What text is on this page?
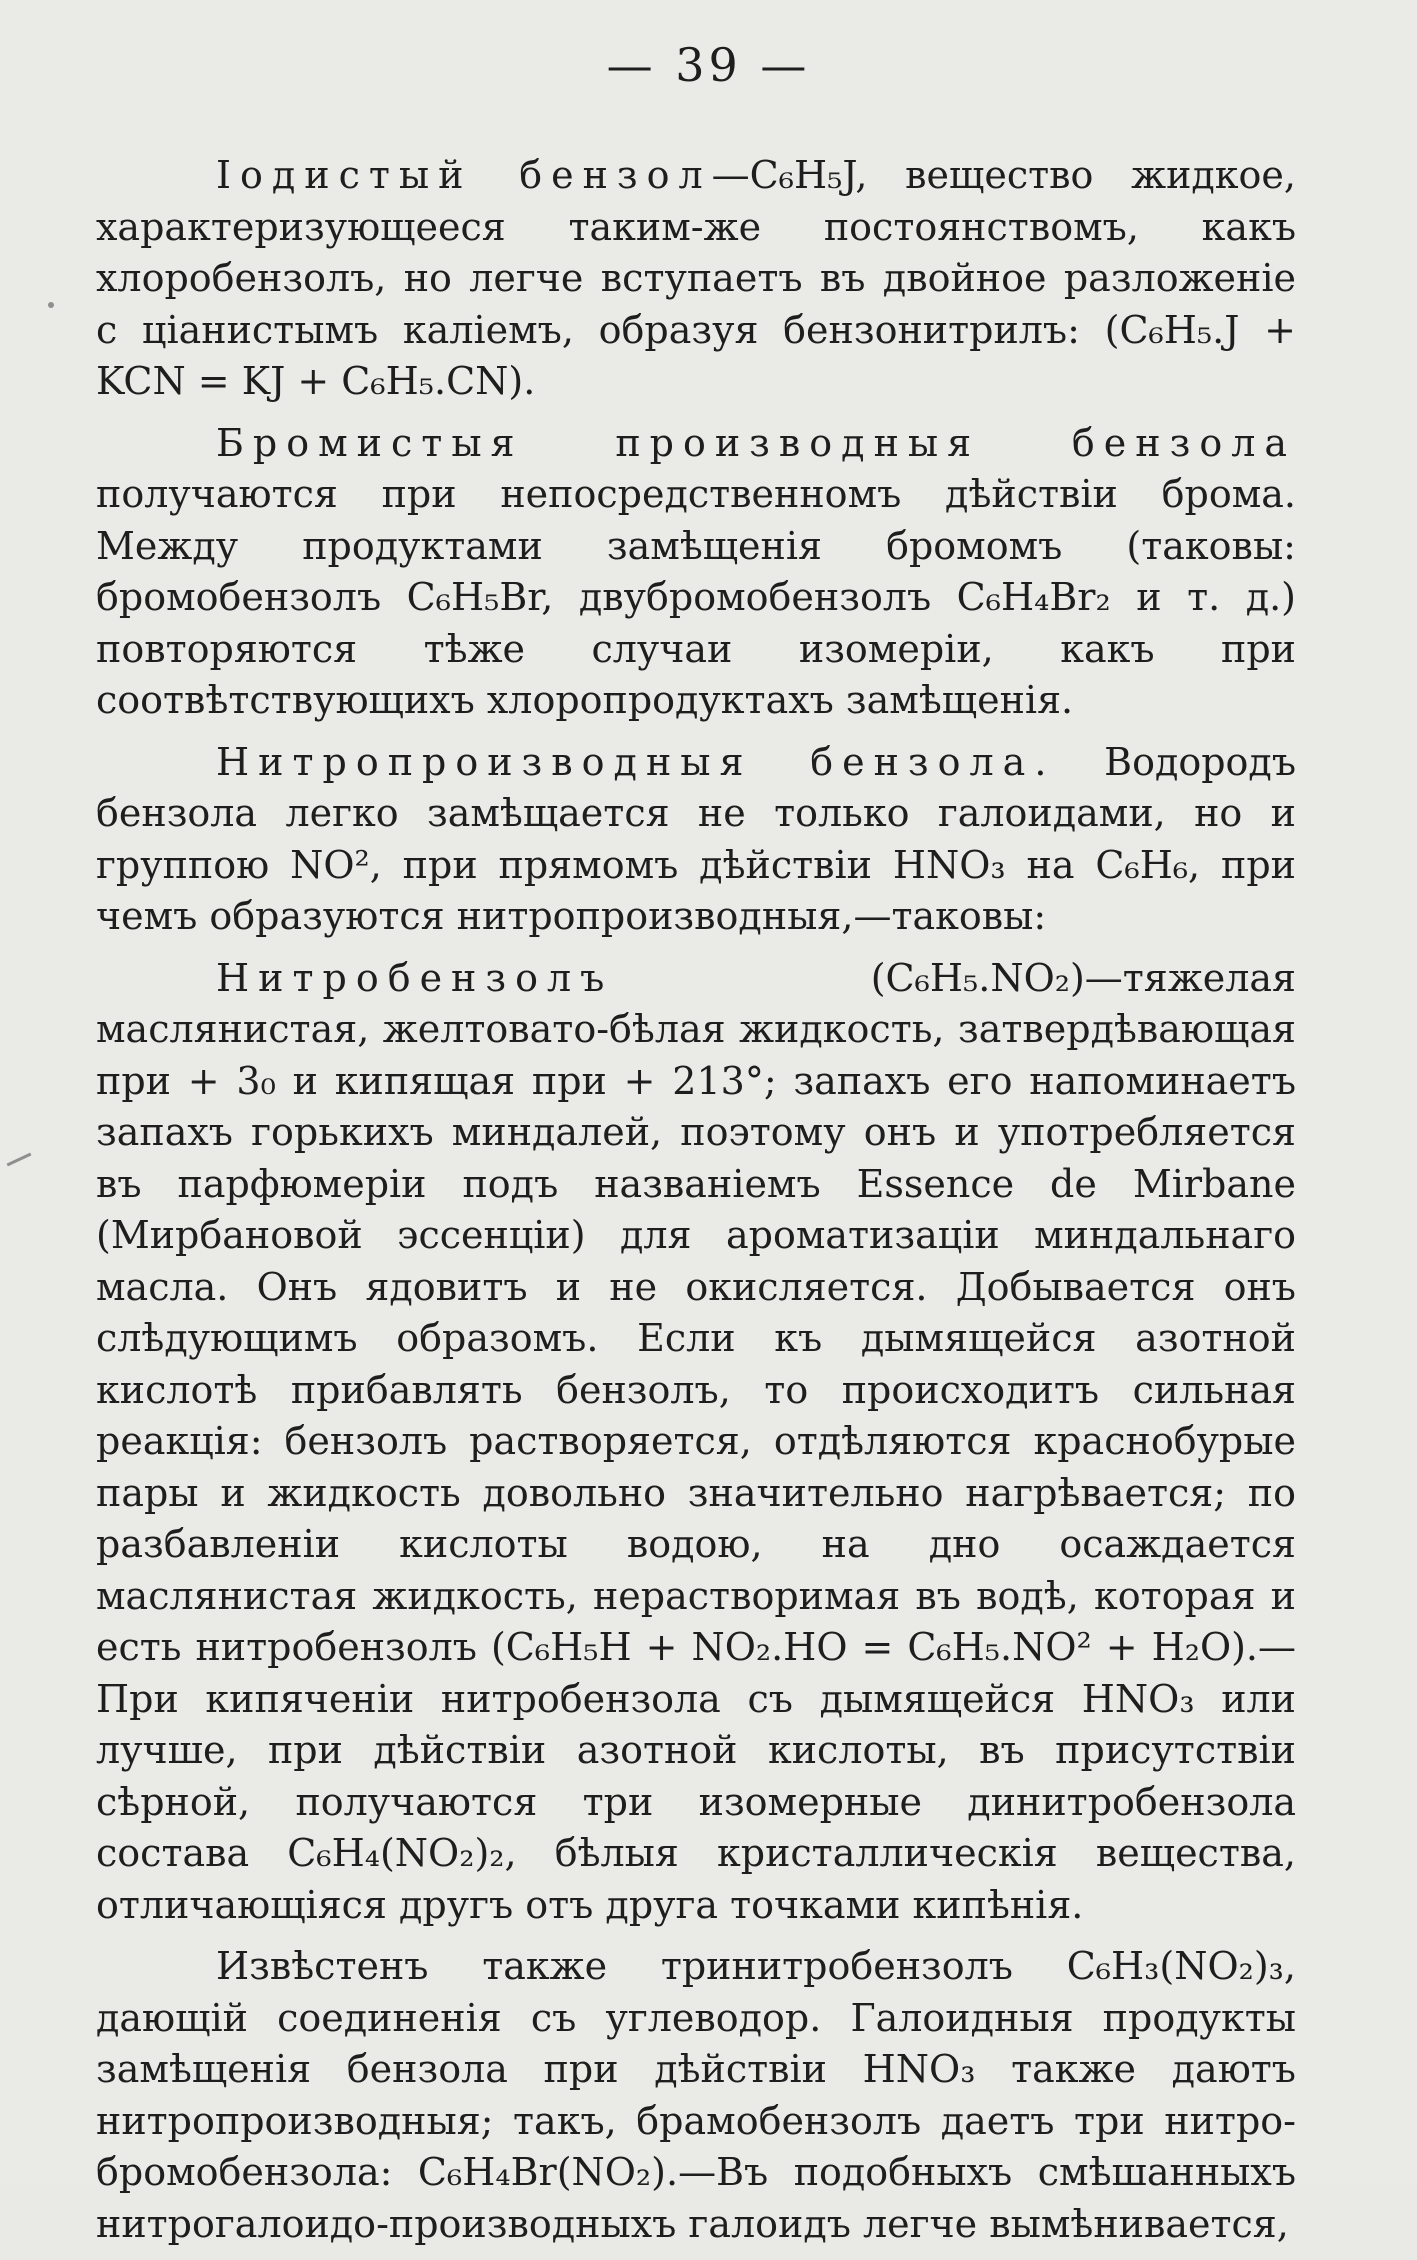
— 39 —

Iодистый бензол—C₆H₅J, вещество жидкое, характеризующееся таким-же постоянствомъ, какъ хлоробензолъ, но легче вступаетъ въ двойное разложенiе с цiанистымъ калiемъ, образуя бензонитрилъ: (C₆H₅.J + KCN = KJ + C₆H₅.CN).

Бромистыя производныя бензола получаются при непосредственномъ дѣйствiи брома. Между продуктами замѣщенiя бромомъ (таковы: бромобензолъ C₆H₅Br, двубромобензолъ C₆H₄Br₂ и т. д.) повторяются тѣже случаи изомерiи, какъ при соотвѣтствующихъ хлоропродуктахъ замѣщенiя.

Нитропроизводныя бензола. Водородъ бензола легко замѣщается не только галоидами, но и группою NO², при прямомъ дѣйствiи HNO₃ на C₆H₆, при чемъ образуются нитропроизводныя,—таковы:

Нитробензолъ (C₆H₅.NO₂)—тяжелая маслянистая, желтовато-бѣлая жидкость, затвердѣвающая при + 3₀ и кипящая при + 213°; запахъ его напоминаетъ запахъ горькихъ миндалей, поэтому онъ и употребляется въ парфюмерiи подъ названiемъ Essence de Mirbane (Мирбановой эссенцiи) для ароматизацiи миндальнаго масла. Онъ ядовитъ и не окисляется. Добывается онъ слѣдующимъ образомъ. Если къ дымящейся азотной кислотѣ прибавлять бензолъ, то происходитъ сильная реакцiя: бензолъ растворяется, отдѣляются краснобурые пары и жидкость довольно значительно нагрѣвается; по разбавленiи кислоты водою, на дно осаждается маслянистая жидкость, нерастворимая въ водѣ, которая и есть нитробензолъ (C₆H₅H + NO₂.HO = C₆H₅.NO² + H₂O).—При кипяченiи нитробензола съ дымящейся HNO₃ или лучше, при дѣйствiи азотной кислоты, въ присутствiи сѣрной, получаются три изомерные динитробензола состава C₆H₄(NO₂)₂, бѣлыя кристаллическiя вещества, отличающiяся другъ отъ друга точками кипѣнiя.

Извѣстенъ также тринитробензолъ C₆H₃(NO₂)₃, дающiй соединенiя съ углеводор. Галоидныя продукты замѣщенiя бензола при дѣйствiи HNO₃ также даютъ нитропроизводныя; такъ, брамобензолъ даетъ три нитро-бромобензола: C₆H₄Br(NO₂).—Въ подобныхъ смѣшанныхъ нитрогалоидо-производныхъ галоидъ легче вымѣнивается,
